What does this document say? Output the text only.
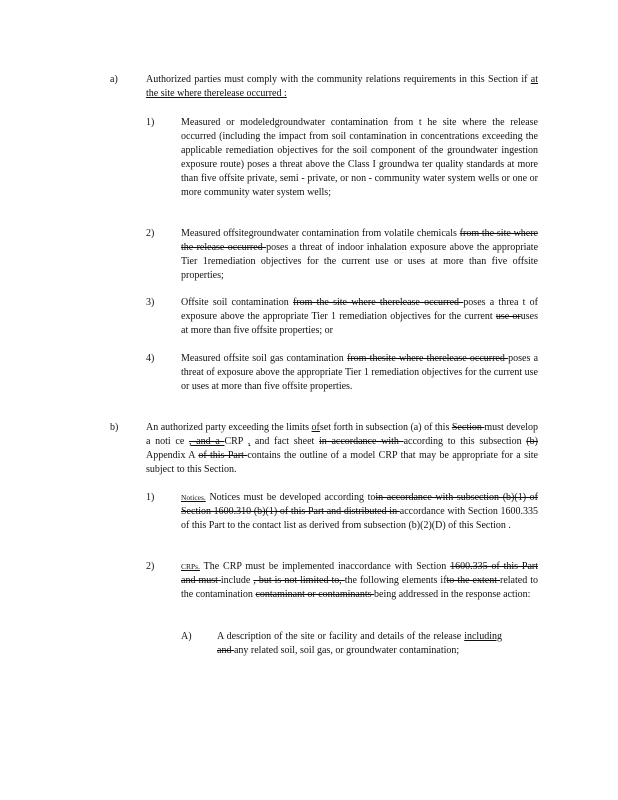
a)	Authorized parties must comply with the community relations requirements in this Section if at the site where therelease occurred :
1)	Measured or modeledgroundwater contamination from t he site where the release occurred (including the impact from soil contamination in concentrations exceeding the applicable remediation objectives for the soil component of the groundwater ingestion exposure route) poses a threat above the Class I groundwa ter quality standards at more than five offsite private, semi - private, or non - community water system wells or one or more community water system wells;
2)	Measured offsitegroundwater contamination from volatile chemicals from the site where the release occurred poses a threat of indoor inhalation exposure above the appropriate Tier 1remediation objectives for the current use or uses at more than five offsite properties;
3)	Offsite soil contamination from the site where therelease occurred poses a threa t of exposure above the appropriate Tier 1 remediation objectives for the current use oruses at more than five offsite properties; or
4)	Measured offsite soil gas contamination from thesite where therelease occurred poses a threat of exposure above the appropriate Tier 1 remediation objectives for the current use or uses at more than five offsite properties.
b)	An authorized party exceeding the limits ofset forth in subsection (a) of this Section must develop a noti ce , and a CRP , and fact sheet in accordance with according to this subsection (b) Appendix A of this Part contains the outline of a model CRP that may be appropriate for a site subject to this Section.
1)	Notices. Notices must be developed according toin accordance with subsection (b)(1) of Section 1600.310 (b)(1) of this Part and distributed in accordance with Section 1600.335 of this Part to the contact list as derived from subsection (b)(2)(D) of this Section .
2)	CRPs. The CRP must be implemented inaccordance with Section 1600.335 of this Part and must include , but is not limited to, the following elements ifto the extent related to the contamination contaminant or contaminants being addressed in the response action:
A)	A description of the site or facility and details of the release including and any related soil, soil gas, or groundwater contamination;
